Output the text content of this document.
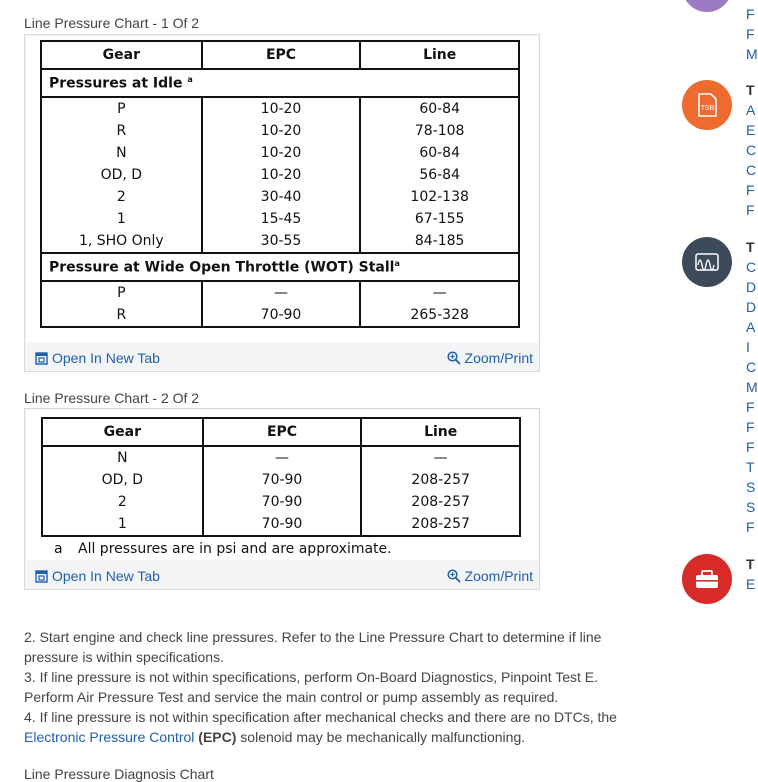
Line Pressure Chart - 1 Of 2
Gear	EPC	Line
Pressures at Idle $^a$
P	10-20	60-84
R	10-20	78-108
N	10-20	60-84
OD, D	10-20	56-84
2	30-40	102-138
1	15-45	67-155
1, SHO Only	30-55	84-185
Pressure at Wide Open Throttle (WOT) Stall$^a$
P	—	—
R	70-90	265-328
Open In New Tab	Zoom/Print
Line Pressure Chart - 2 Of 2
Gear	EPC	Line
N	—	—
OD, D	70-90	208-257
2	70-90	208-257
1	70-90	208-257
a All pressures are in psi and are approximate.
Open In New Tab	Zoom/Print

2. Start engine and check line pressures. Refer to the Line Pressure Chart to determine if line pressure is within specifications.

3. If line pressure is not within specifications, perform On-Board Diagnostics, Pinpoint Test E. Perform Air Pressure Test and service the main control or pump assembly as required.

4. If line pressure is not within specification after mechanical checks and there are no DTCs, the Electronic Pressure Control (EPC) solenoid may be mechanically malfunctioning.

Line Pressure Diagnosis Chart
F
F
M
TSB
T
A
E
C
C
F
F
T
C
D
D
A
I
C
M
F
F
F
T
S
S
F
T
E
